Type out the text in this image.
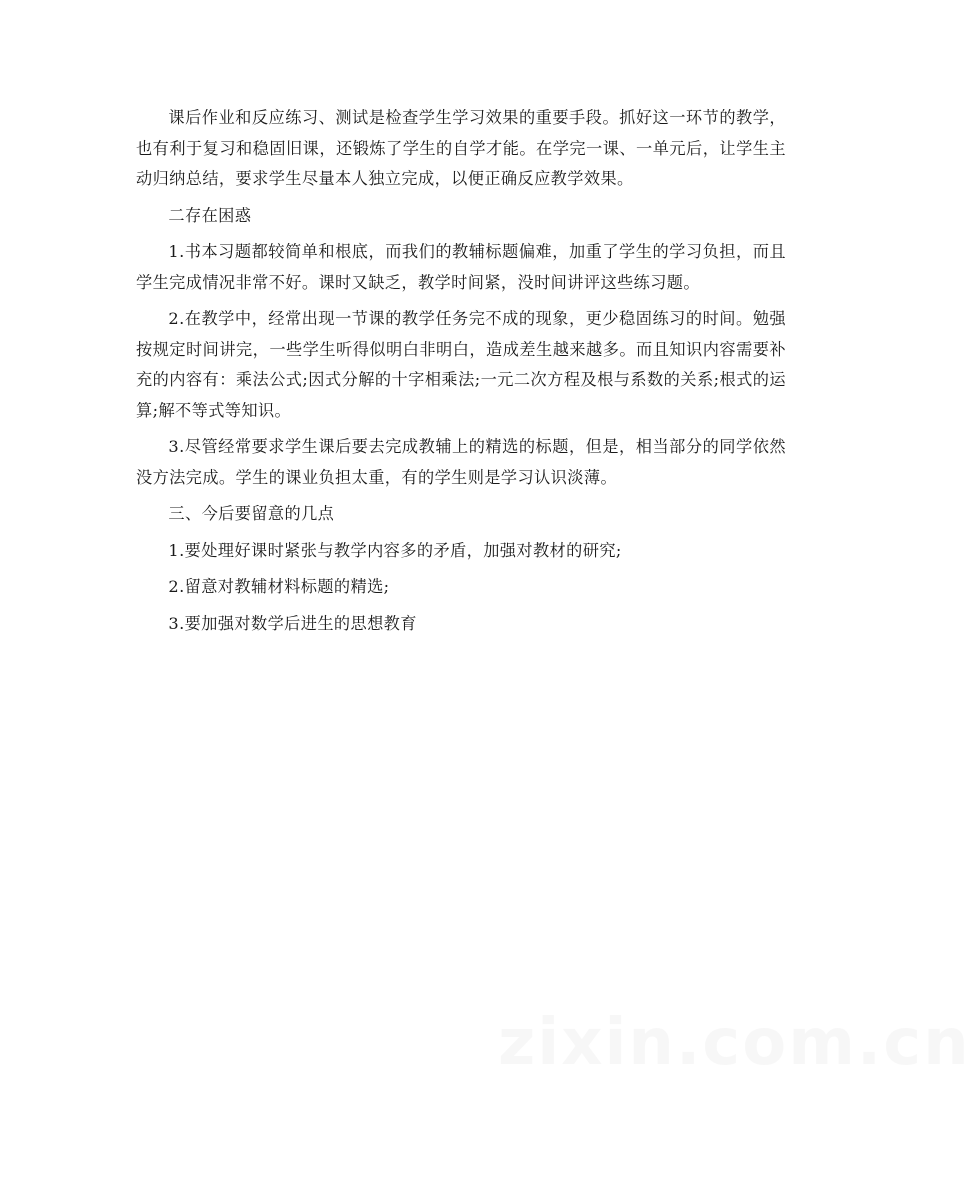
课后作业和反应练习、测试是检查学生学习效果的重要手段。抓好这一环节的教学，也有利于复习和稳固旧课，还锻炼了学生的自学才能。在学完一课、一单元后，让学生主动归纳总结，要求学生尽量本人独立完成，以便正确反应教学效果。

二存在困惑

1.书本习题都较简单和根底，而我们的教辅标题偏难，加重了学生的学习负担，而且学生完成情况非常不好。课时又缺乏，教学时间紧，没时间讲评这些练习题。

2.在教学中，经常出现一节课的教学任务完不成的现象，更少稳固练习的时间。勉强按规定时间讲完，一些学生听得似明白非明白，造成差生越来越多。而且知识内容需要补充的内容有：乘法公式;因式分解的十字相乘法;一元二次方程及根与系数的关系;根式的运算;解不等式等知识。

3.尽管经常要求学生课后要去完成教辅上的精选的标题，但是，相当部分的同学依然没方法完成。学生的课业负担太重，有的学生则是学习认识淡薄。

三、今后要留意的几点

1.要处理好课时紧张与教学内容多的矛盾，加强对教材的研究;

2.留意对教辅材料标题的精选;

3.要加强对数学后进生的思想教育

zixin.com.cn
